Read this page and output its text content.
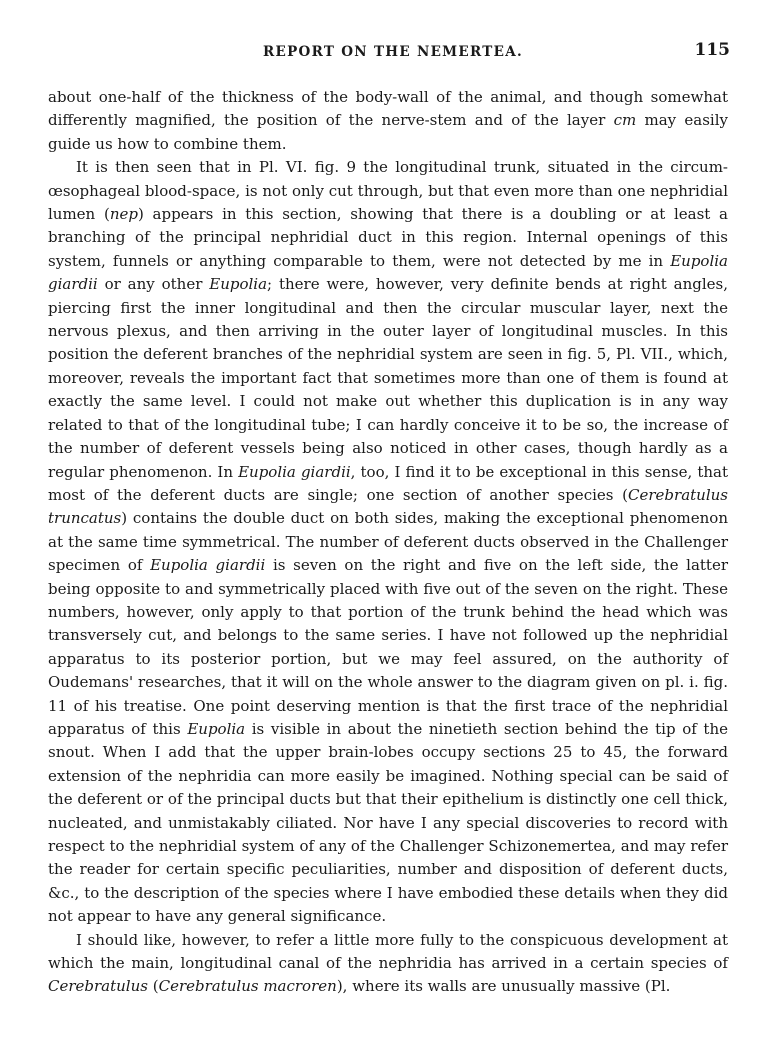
REPORT ON THE NEMERTEA.	115

about one-half of the thickness of the body-wall of the animal, and though somewhat differently magnified, the position of the nerve-stem and of the layer cm may easily guide us how to combine them.

It is then seen that in Pl. VI. fig. 9 the longitudinal trunk, situated in the circum-œsophageal blood-space, is not only cut through, but that even more than one nephridial lumen (nep) appears in this section, showing that there is a doubling or at least a branching of the principal nephridial duct in this region. Internal openings of this system, funnels or anything comparable to them, were not detected by me in Eupolia giardii or any other Eupolia; there were, however, very definite bends at right angles, piercing first the inner longitudinal and then the circular muscular layer, next the nervous plexus, and then arriving in the outer layer of longitudinal muscles. In this position the deferent branches of the nephridial system are seen in fig. 5, Pl. VII., which, moreover, reveals the important fact that sometimes more than one of them is found at exactly the same level. I could not make out whether this duplication is in any way related to that of the longitudinal tube; I can hardly conceive it to be so, the increase of the number of deferent vessels being also noticed in other cases, though hardly as a regular phenomenon. In Eupolia giardii, too, I find it to be exceptional in this sense, that most of the deferent ducts are single; one section of another species (Cerebratulus truncatus) contains the double duct on both sides, making the exceptional phenomenon at the same time symmetrical. The number of deferent ducts observed in the Challenger specimen of Eupolia giardii is seven on the right and five on the left side, the latter being opposite to and symmetrically placed with five out of the seven on the right. These numbers, however, only apply to that portion of the trunk behind the head which was transversely cut, and belongs to the same series. I have not followed up the nephridial apparatus to its posterior portion, but we may feel assured, on the authority of Oudemans' researches, that it will on the whole answer to the diagram given on pl. i. fig. 11 of his treatise. One point deserving mention is that the first trace of the nephridial apparatus of this Eupolia is visible in about the ninetieth section behind the tip of the snout. When I add that the upper brain-lobes occupy sections 25 to 45, the forward extension of the nephridia can more easily be imagined. Nothing special can be said of the deferent or of the principal ducts but that their epithelium is distinctly one cell thick, nucleated, and unmistakably ciliated. Nor have I any special discoveries to record with respect to the nephridial system of any of the Challenger Schizonemertea, and may refer the reader for certain specific peculiarities, number and disposition of deferent ducts, &c., to the description of the species where I have embodied these details when they did not appear to have any general significance.

I should like, however, to refer a little more fully to the conspicuous development at which the main, longitudinal canal of the nephridia has arrived in a certain species of Cerebratulus (Cerebratulus macroren), where its walls are unusually massive (Pl.
